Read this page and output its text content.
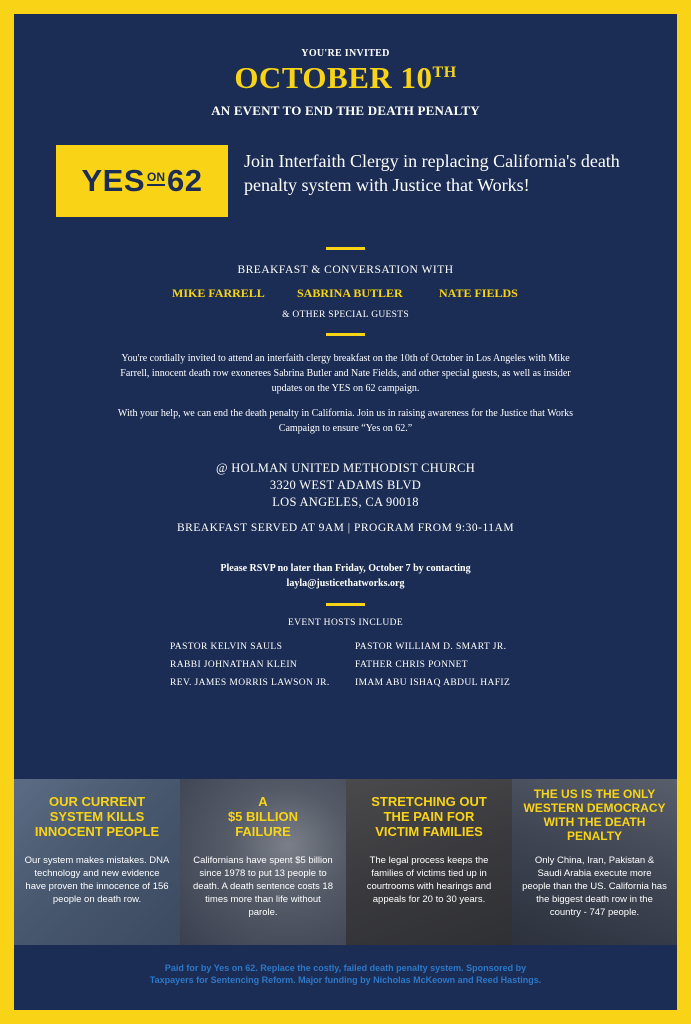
YOU'RE INVITED
OCTOBER 10TH
AN EVENT TO END THE DEATH PENALTY
YES ON 62
Join Interfaith Clergy in replacing California's death penalty system with Justice that Works!
BREAKFAST & CONVERSATION WITH
MIKE FARRELL	SABRINA BUTLER	NATE FIELDS
& OTHER SPECIAL GUESTS
You're cordially invited to attend an interfaith clergy breakfast on the 10th of October in Los Angeles with Mike Farrell, innocent death row exonerees Sabrina Butler and Nate Fields, and other special guests, as well as insider updates on the YES on 62 campaign.
With your help, we can end the death penalty in California. Join us in raising awareness for the Justice that Works Campaign to ensure “Yes on 62.”
@ HOLMAN UNITED METHODIST CHURCH
3320 WEST ADAMS BLVD
LOS ANGELES, CA 90018
BREAKFAST SERVED AT 9AM | PROGRAM FROM 9:30-11AM
Please RSVP no later than Friday, October 7 by contacting
layla@justicethatworks.org
EVENT HOSTS INCLUDE
PASTOR KELVIN SAULS
RABBI JOHNATHAN KLEIN
REV. JAMES MORRIS LAWSON JR.
PASTOR WILLIAM D. SMART JR.
FATHER CHRIS PONNET
IMAM ABU ISHAQ ABDUL HAFIZ
OUR CURRENT
SYSTEM KILLS
INNOCENT PEOPLE
Our system makes mistakes. DNA technology and new evidence have proven the innocence of 156 people on death row.
A
$5 BILLION
FAILURE
Californians have spent $5 billion since 1978 to put 13 people to death. A death sentence costs 18 times more than life without parole.
STRETCHING OUT
THE PAIN FOR
VICTIM FAMILIES
The legal process keeps the families of victims tied up in courtrooms with hearings and appeals for 20 to 30 years.
THE US IS THE ONLY
WESTERN DEMOCRACY
WITH THE DEATH
PENALTY
Only China, Iran, Pakistan & Saudi Arabia execute more people than the US. California has the biggest death row in the country - 747 people.
Paid for by Yes on 62. Replace the costly, failed death penalty system. Sponsored by
Taxpayers for Sentencing Reform. Major funding by Nicholas McKeown and Reed Hastings.
